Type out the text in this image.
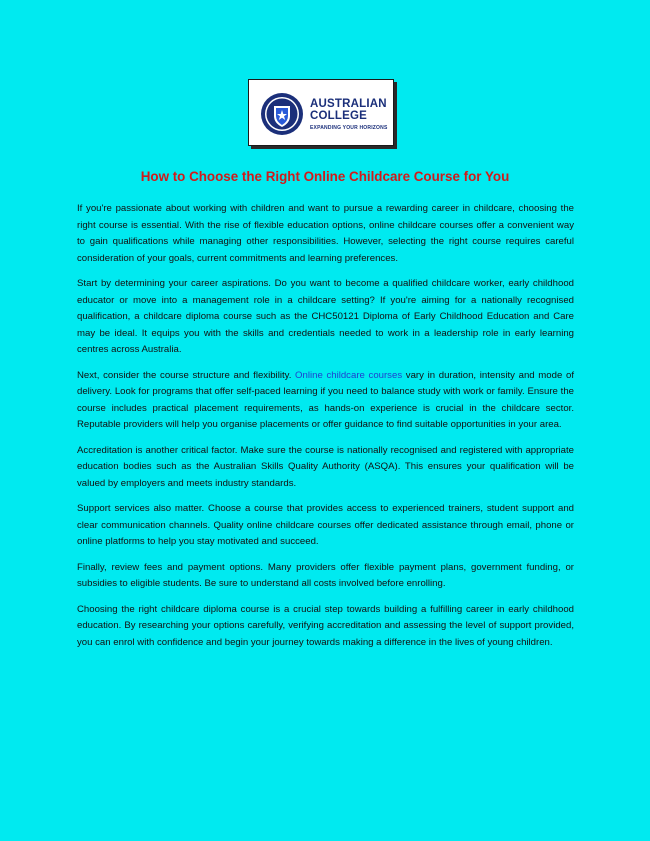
AUSTRALIAN
COLLEGE
EXPANDING YOUR HORIZONS
How to Choose the Right Online Childcare Course for You

If you're passionate about working with children and want to pursue a rewarding career in childcare, choosing the right course is essential. With the rise of flexible education options, online childcare courses offer a convenient way to gain qualifications while managing other responsibilities. However, selecting the right course requires careful consideration of your goals, current commitments and learning preferences.

Start by determining your career aspirations. Do you want to become a qualified childcare worker, early childhood educator or move into a management role in a childcare setting? If you're aiming for a nationally recognised qualification, a childcare diploma course such as the CHC50121 Diploma of Early Childhood Education and Care may be ideal. It equips you with the skills and credentials needed to work in a leadership role in early learning centres across Australia.

Next, consider the course structure and flexibility. Online childcare courses vary in duration, intensity and mode of delivery. Look for programs that offer self-paced learning if you need to balance study with work or family. Ensure the course includes practical placement requirements, as hands-on experience is crucial in the childcare sector. Reputable providers will help you organise placements or offer guidance to find suitable opportunities in your area.

Accreditation is another critical factor. Make sure the course is nationally recognised and registered with appropriate education bodies such as the Australian Skills Quality Authority (ASQA). This ensures your qualification will be valued by employers and meets industry standards.

Support services also matter. Choose a course that provides access to experienced trainers, student support and clear communication channels. Quality online childcare courses offer dedicated assistance through email, phone or online platforms to help you stay motivated and succeed.

Finally, review fees and payment options. Many providers offer flexible payment plans, government funding, or subsidies to eligible students. Be sure to understand all costs involved before enrolling.

Choosing the right childcare diploma course is a crucial step towards building a fulfilling career in early childhood education. By researching your options carefully, verifying accreditation and assessing the level of support provided, you can enrol with confidence and begin your journey towards making a difference in the lives of young children.
